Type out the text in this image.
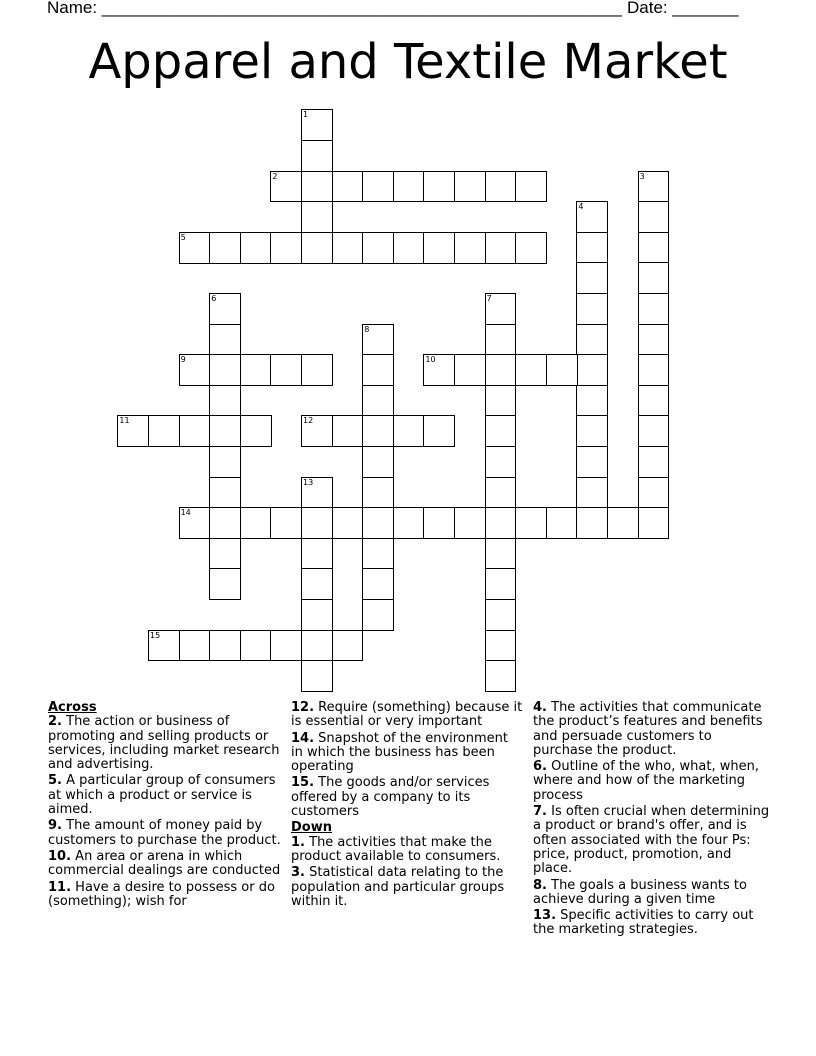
Name: _______________________________________________________ Date: _______
Apparel and Textile Market
1
2	3
4
5
6	7
8
9	10
11	12
13
14
15
Across
2. The action or business of promoting and selling products or services, including market research and advertising.
5. A particular group of consumers at which a product or service is aimed.
9. The amount of money paid by customers to purchase the product.
10. An area or arena in which commercial dealings are conducted
11. Have a desire to possess or do (something); wish for
12. Require (something) because it is essential or very important
14. Snapshot of the environment in which the business has been operating
15. The goods and/or services offered by a company to its customers
Down
1. The activities that make the product available to consumers.
3. Statistical data relating to the population and particular groups within it.
4. The activities that communicate the product’s features and benefits and persuade customers to purchase the product.
6. Outline of the who, what, when, where and how of the marketing process
7. Is often crucial when determining a product or brand's offer, and is often associated with the four Ps: price, product, promotion, and place.
8. The goals a business wants to achieve during a given time
13. Specific activities to carry out the marketing strategies.
